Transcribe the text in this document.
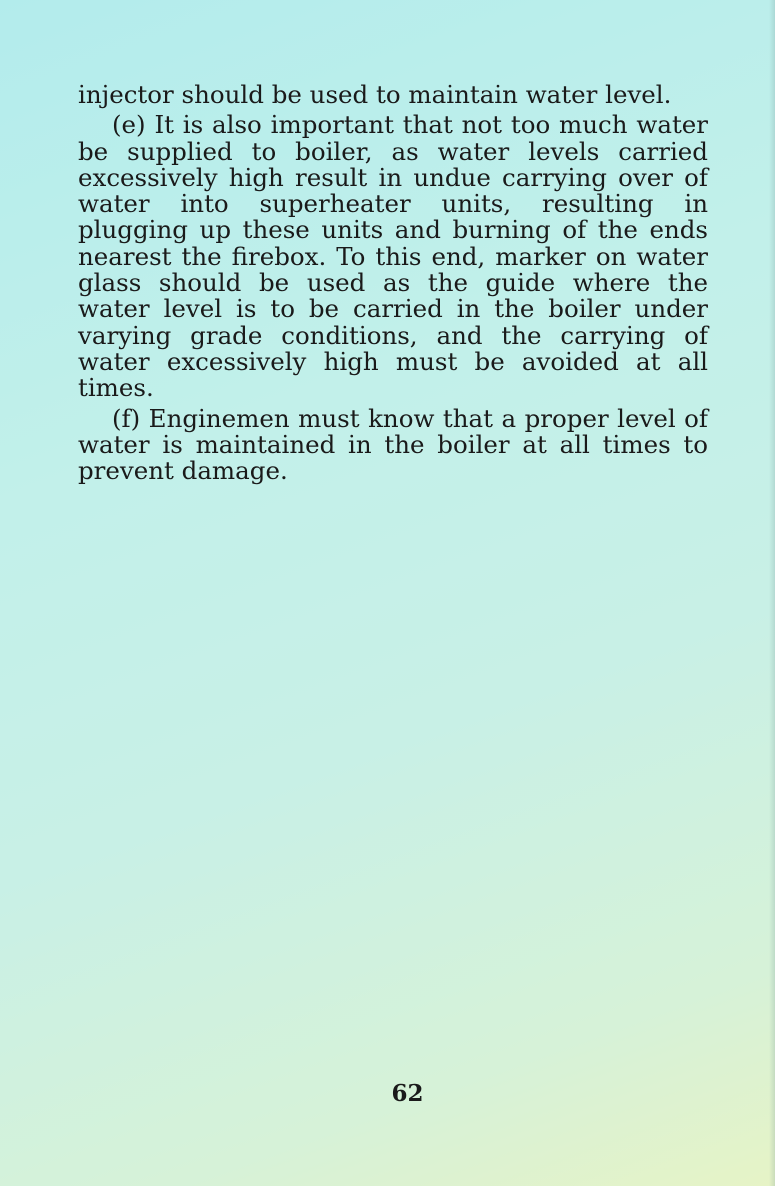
injector should be used to maintain water level.

(e) It is also important that not too much water be supplied to boiler, as water levels carried excessively high result in undue carrying over of water into superheater units, resulting in plugging up these units and burning of the ends nearest the firebox. To this end, marker on water glass should be used as the guide where the water level is to be carried in the boiler under varying grade conditions, and the carrying of water excessively high must be avoided at all times.

(f) Enginemen must know that a proper level of water is maintained in the boiler at all times to prevent damage.

62
